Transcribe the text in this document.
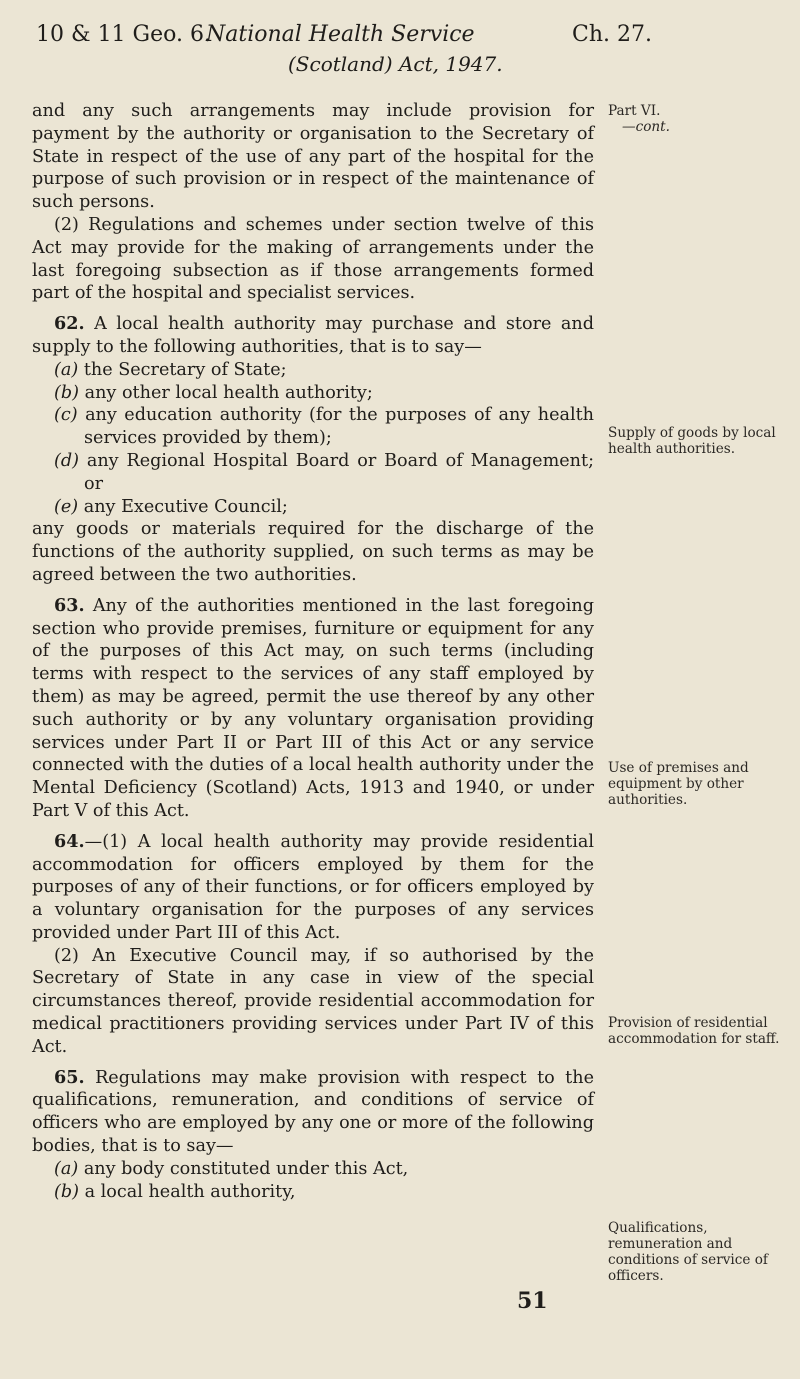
10 & 11 Geo. 6.
National Health Service	Ch. 27.
(Scotland) Act, 1947.

and any such arrangements may include provision for payment by the authority or organisation to the Secretary of State in respect of the use of any part of the hospital for the purpose of such provision or in respect of the maintenance of such persons.

(2) Regulations and schemes under section twelve of this Act may provide for the making of arrangements under the last foregoing subsection as if those arrangements formed part of the hospital and specialist services.

62. A local health authority may purchase and store and supply to the following authorities, that is to say—

(a) the Secretary of State;

(b) any other local health authority;

(c) any education authority (for the purposes of any health services provided by them);

(d) any Regional Hospital Board or Board of Management; or

(e) any Executive Council;

any goods or materials required for the discharge of the functions of the authority supplied, on such terms as may be agreed between the two authorities.

63. Any of the authorities mentioned in the last foregoing section who provide premises, furniture or equipment for any of the purposes of this Act may, on such terms (including terms with respect to the services of any staff employed by them) as may be agreed, permit the use thereof by any other such authority or by any voluntary organisation providing services under Part II or Part III of this Act or any service connected with the duties of a local health authority under the Mental Deficiency (Scotland) Acts, 1913 and 1940, or under Part V of this Act.

64.—(1) A local health authority may provide residential accommodation for officers employed by them for the purposes of any of their functions, or for officers employed by a voluntary organisation for the purposes of any services provided under Part III of this Act.

(2) An Executive Council may, if so authorised by the Secretary of State in any case in view of the special circumstances thereof, provide residential accommodation for medical practitioners providing services under Part IV of this Act.

65. Regulations may make provision with respect to the qualifications, remuneration, and conditions of service of officers who are employed by any one or more of the following bodies, that is to say—

(a) any body constituted under this Act,

(b) a local health authority,

Part VI.
—cont.
Supply of goods by local health authorities.
Use of premises and equipment by other authorities.
Provision of residential accommodation for staff.
Qualifications, remuneration and conditions of service of officers.
51
